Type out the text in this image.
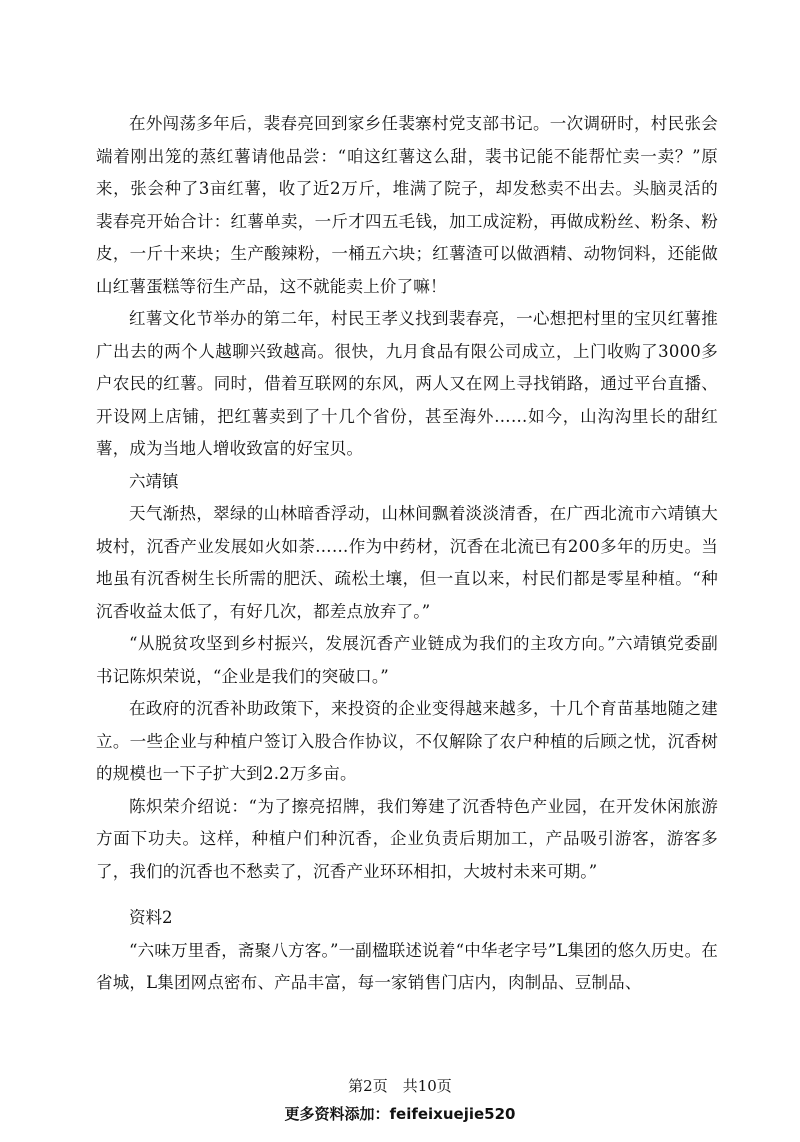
在外闯荡多年后，裴春亮回到家乡任裴寨村党支部书记。一次调研时，村民张会端着刚出笼的蒸红薯请他品尝：“咱这红薯这么甜，裴书记能不能帮忙卖一卖？”原来，张会种了3亩红薯，收了近2万斤，堆满了院子，却发愁卖不出去。头脑灵活的裴春亮开始合计：红薯单卖，一斤才四五毛钱，加工成淀粉，再做成粉丝、粉条、粉皮，一斤十来块；生产酸辣粉，一桶五六块；红薯渣可以做酒精、动物饲料，还能做山红薯蛋糕等衍生产品，这不就能卖上价了嘛！

红薯文化节举办的第二年，村民王孝义找到裴春亮，一心想把村里的宝贝红薯推广出去的两个人越聊兴致越高。很快，九月食品有限公司成立，上门收购了3000多户农民的红薯。同时，借着互联网的东风，两人又在网上寻找销路，通过平台直播、开设网上店铺，把红薯卖到了十几个省份，甚至海外……如今，山沟沟里长的甜红薯，成为当地人增收致富的好宝贝。

六靖镇

天气渐热，翠绿的山林暗香浮动，山林间飘着淡淡清香，在广西北流市六靖镇大坡村，沉香产业发展如火如荼……作为中药材，沉香在北流已有200多年的历史。当地虽有沉香树生长所需的肥沃、疏松土壤，但一直以来，村民们都是零星种植。“种沉香收益太低了，有好几次，都差点放弃了。”

“从脱贫攻坚到乡村振兴，发展沉香产业链成为我们的主攻方向。”六靖镇党委副书记陈炽荣说，“企业是我们的突破口。”

在政府的沉香补助政策下，来投资的企业变得越来越多，十几个育苗基地随之建立。一些企业与种植户签订入股合作协议，不仅解除了农户种植的后顾之忧，沉香树的规模也一下子扩大到2.2万多亩。

陈炽荣介绍说：“为了擦亮招牌，我们筹建了沉香特色产业园，在开发休闲旅游方面下功夫。这样，种植户们种沉香，企业负责后期加工，产品吸引游客，游客多了，我们的沉香也不愁卖了，沉香产业环环相扣，大坡村未来可期。”

资料2

“六味万里香，斋聚八方客。”一副楹联述说着“中华老字号”L集团的悠久历史。在省城，L集团网点密布、产品丰富，每一家销售门店内，肉制品、豆制品、

第2页　共10页
更多资料添加：feifeixuejie520
